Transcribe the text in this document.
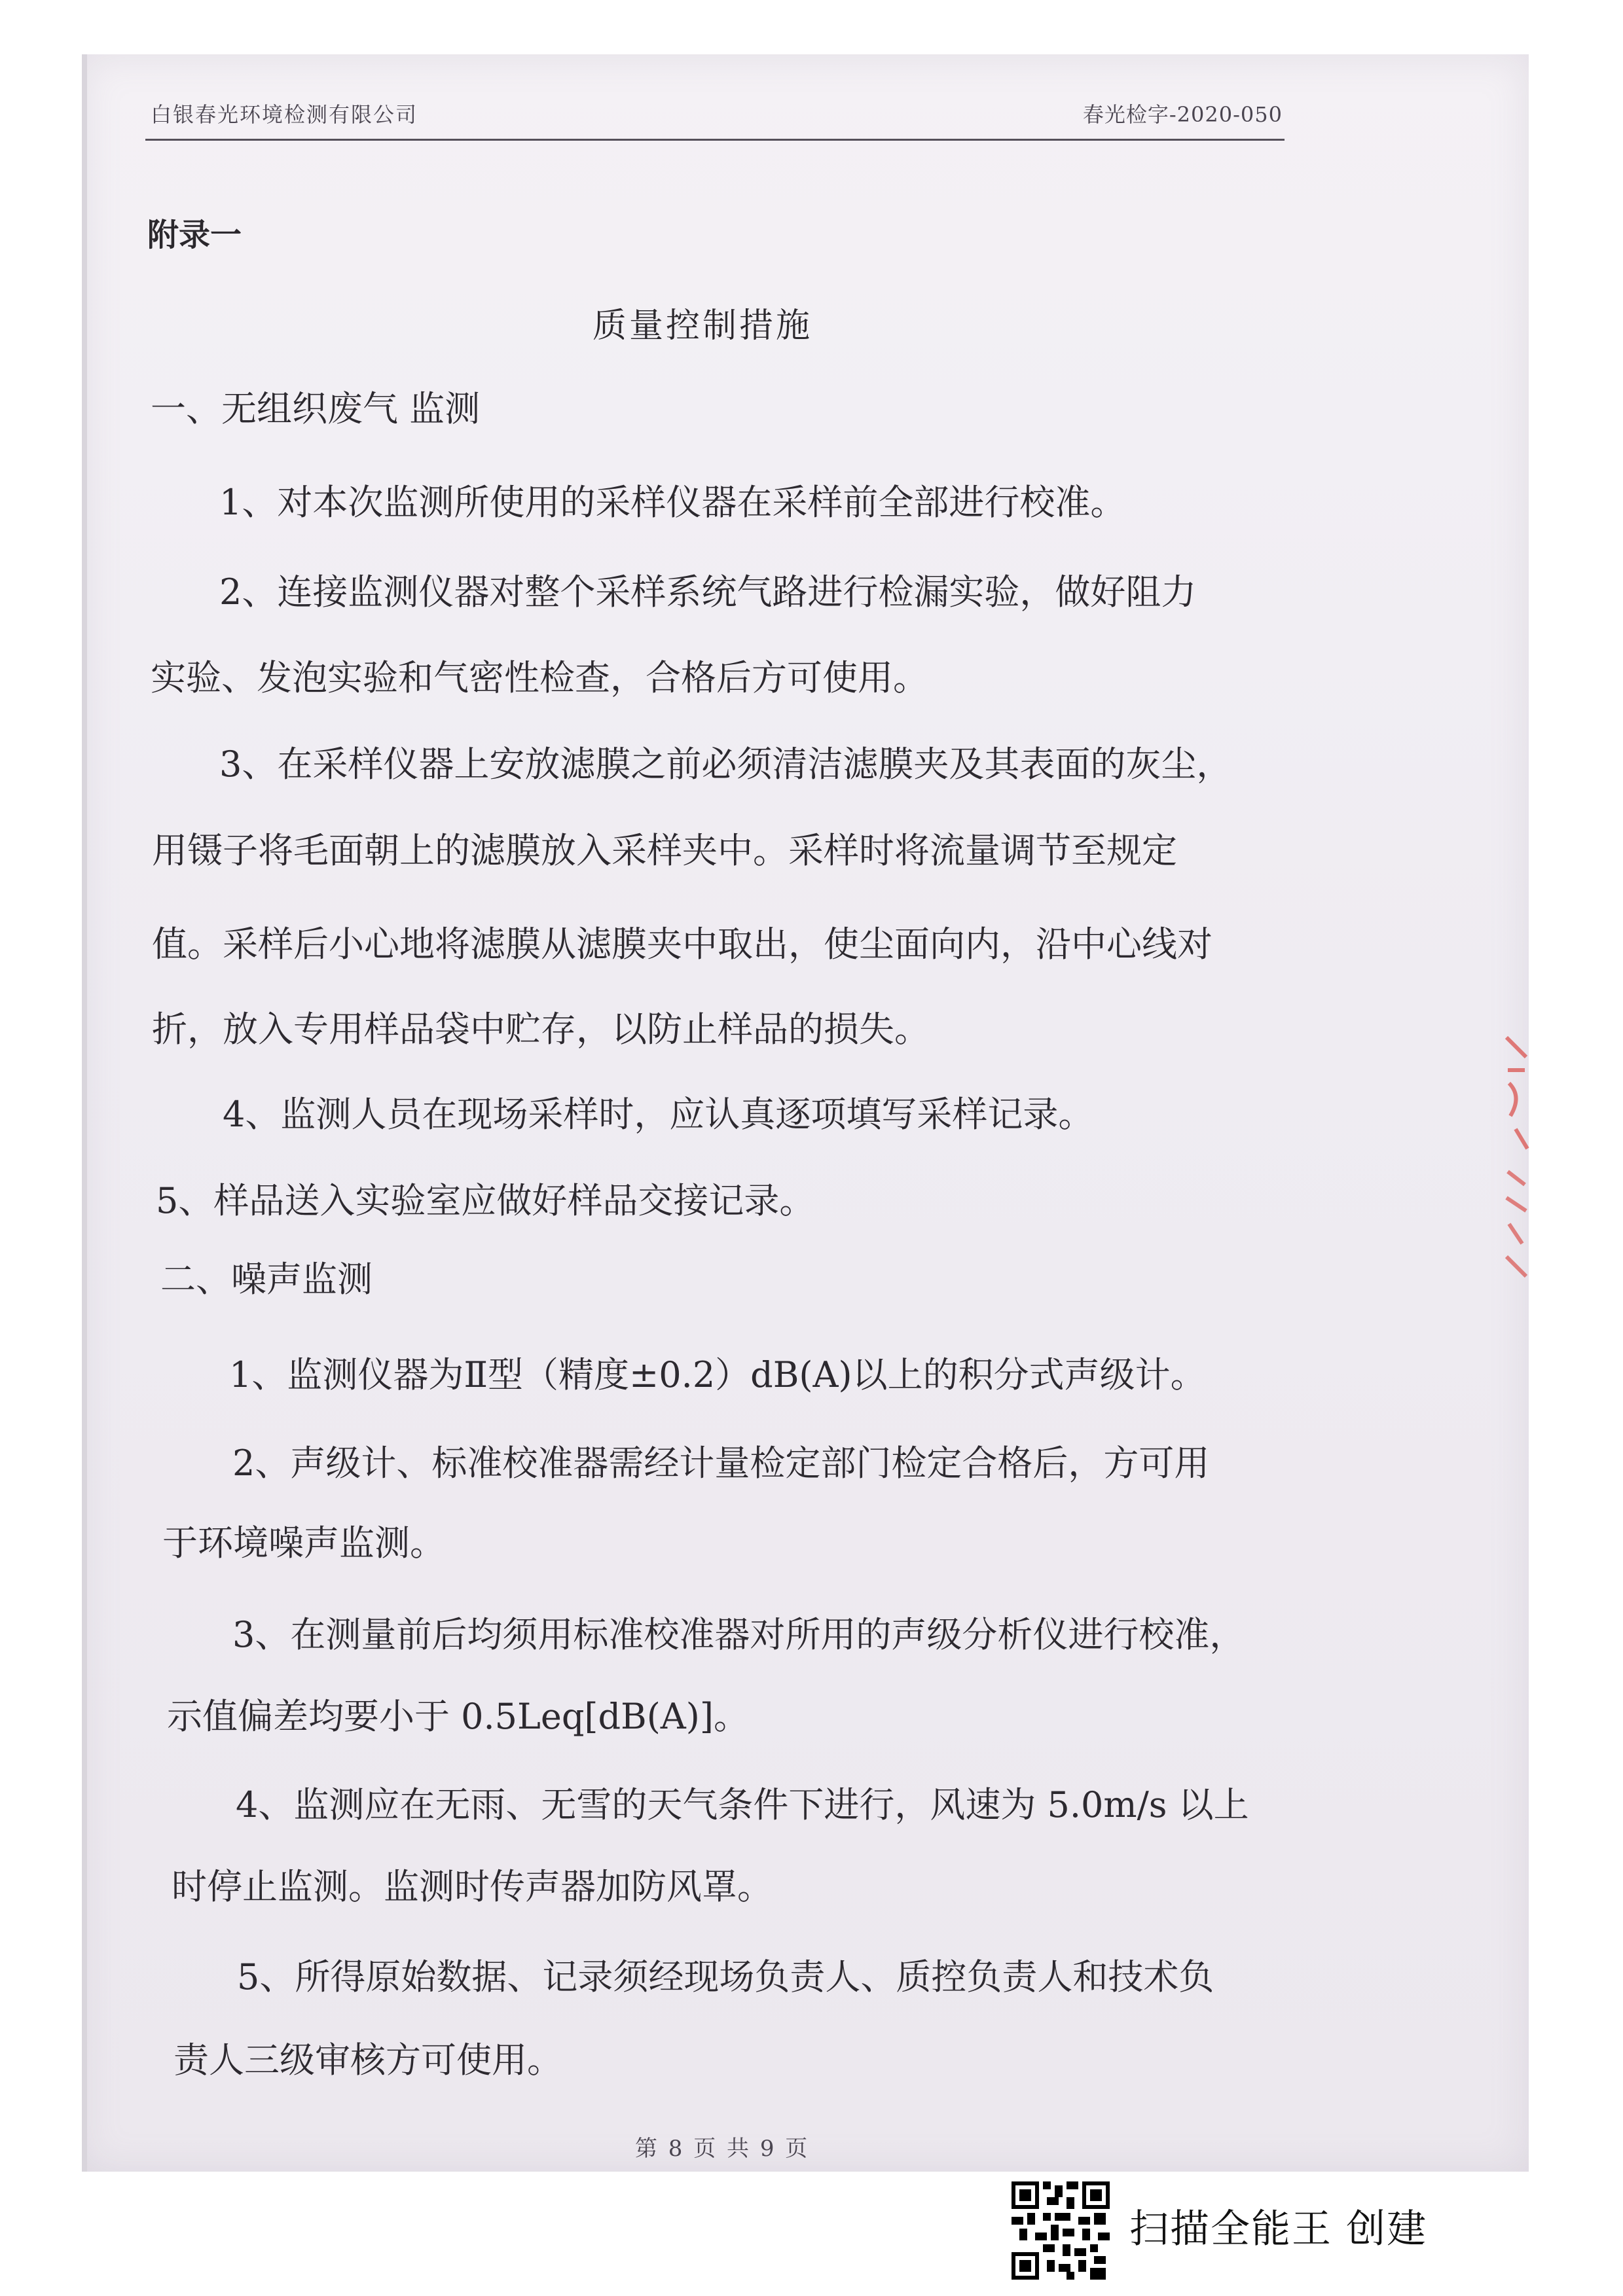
白银春光环境检测有限公司	春光检字-2020-050
附录一
质量控制措施
一、无组织废气 监测
1、对本次监测所使用的采样仪器在采样前全部进行校准。
2、连接监测仪器对整个采样系统气路进行检漏实验，做好阻力
实验、发泡实验和气密性检查，合格后方可使用。
3、在采样仪器上安放滤膜之前必须清洁滤膜夹及其表面的灰尘，
用镊子将毛面朝上的滤膜放入采样夹中。采样时将流量调节至规定
值。采样后小心地将滤膜从滤膜夹中取出，使尘面向内，沿中心线对
折，放入专用样品袋中贮存，以防止样品的损失。
4、监测人员在现场采样时，应认真逐项填写采样记录。
5、样品送入实验室应做好样品交接记录。
二、噪声监测
1、监测仪器为Ⅱ型（精度±0.2）dB(A)以上的积分式声级计。
2、声级计、标准校准器需经计量检定部门检定合格后，方可用
于环境噪声监测。
3、在测量前后均须用标准校准器对所用的声级分析仪进行校准，
示值偏差均要小于 0.5Leq[dB(A)]。
4、监测应在无雨、无雪的天气条件下进行，风速为 5.0m/s 以上
时停止监测。监测时传声器加防风罩。
5、所得原始数据、记录须经现场负责人、质控负责人和技术负
责人三级审核方可使用。
第 8 页 共 9 页
扫描全能王 创建
